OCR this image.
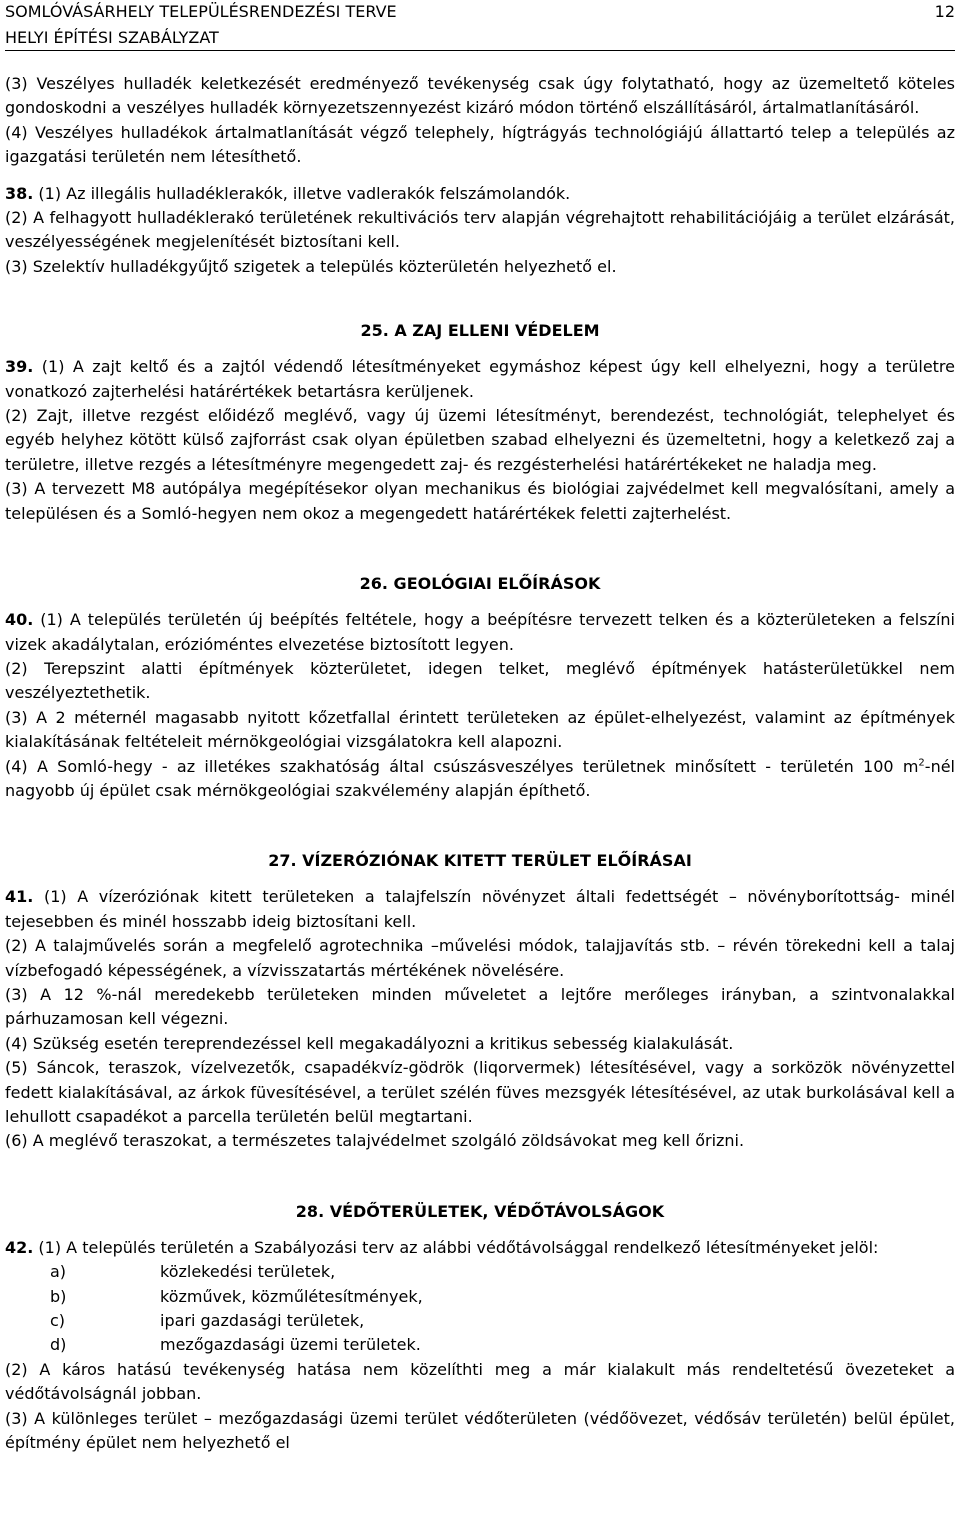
SOMLÓVÁSÁRHELY TELEPÜLÉSRENDEZÉSI TERVE	12
HELYI ÉPÍTÉSI SZABÁLYZAT

(3) Veszélyes hulladék keletkezését eredményező tevékenység csak úgy folytatható, hogy az üzemeltető köteles gondoskodni a veszélyes hulladék környezetszennyezést kizáró módon történő elszállításáról, ártalmatlanításáról.

(4) Veszélyes hulladékok ártalmatlanítását végző telephely, hígtrágyás technológiájú állattartó telep a település az igazgatási területén nem létesíthető.

38. (1) Az illegális hulladéklerakók, illetve vadlerakók felszámolandók.

(2) A felhagyott hulladéklerakó területének rekultivációs terv alapján végrehajtott rehabilitációjáig a terület elzárását, veszélyességének megjelenítését biztosítani kell.

(3) Szelektív hulladékgyűjtő szigetek a település közterületén helyezhető el.

25. A ZAJ ELLENI VÉDELEM

39. (1) A zajt keltő és a zajtól védendő létesítményeket egymáshoz képest úgy kell elhelyezni, hogy a területre vonatkozó zajterhelési határértékek betartásra kerüljenek.

(2) Zajt, illetve rezgést előidéző meglévő, vagy új üzemi létesítményt, berendezést, technológiát, telephelyet és egyéb helyhez kötött külső zajforrást csak olyan épületben szabad elhelyezni és üzemeltetni, hogy a keletkező zaj a területre, illetve rezgés a létesítményre megengedett zaj- és rezgésterhelési határértékeket ne haladja meg.

(3) A tervezett M8 autópálya megépítésekor olyan mechanikus és biológiai zajvédelmet kell megvalósítani, amely a településen és a Somló-hegyen nem okoz a megengedett határértékek feletti zajterhelést.

26. GEOLÓGIAI ELŐÍRÁSOK

40. (1) A település területén új beépítés feltétele, hogy a beépítésre tervezett telken és a közterületeken a felszíni vizek akadálytalan, erózióméntes elvezetése biztosított legyen.

(2) Terepszint alatti építmények közterületet, idegen telket, meglévő építmények hatásterületükkel nem veszélyeztethetik.

(3) A 2 méternél magasabb nyitott kőzetfallal érintett területeken az épület-elhelyezést, valamint az építmények kialakításának feltételeit mérnökgeológiai vizsgálatokra kell alapozni.

(4) A Somló-hegy - az illetékes szakhatóság által csúszásveszélyes területnek minősített - területén 100 $m^2$-nél nagyobb új épület csak mérnökgeológiai szakvélemény alapján építhető.

27. VÍZERÓZIÓNAK KITETT TERÜLET ELŐÍRÁSAI

41. (1) A vízeróziónak kitett területeken a talajfelszín növényzet általi fedettségét – növényborítottság- minél tejesebben és minél hosszabb ideig biztosítani kell.

(2) A talajművelés során a megfelelő agrotechnika –művelési módok, talajjavítás stb. – révén törekedni kell a talaj vízbefogadó képességének, a vízvisszatartás mértékének növelésére.

(3) A 12 %-nál meredekebb területeken minden műveletet a lejtőre merőleges irányban, a szintvonalakkal párhuzamosan kell végezni.

(4) Szükség esetén tereprendezéssel kell megakadályozni a kritikus sebesség kialakulását.

(5) Sáncok, teraszok, vízelvezetők, csapadékvíz-gödrök (liqorvermek) létesítésével, vagy a sorközök növényzettel fedett kialakításával, az árkok füvesítésével, a terület szélén füves mezsgyék létesítésével, az utak burkolásával kell a lehullott csapadékot a parcella területén belül megtartani.

(6) A meglévő teraszokat, a természetes talajvédelmet szolgáló zöldsávokat meg kell őrizni.

28. VÉDŐTERÜLETEK, VÉDŐTÁVOLSÁGOK

42. (1) A település területén a Szabályozási terv az alábbi védőtávolsággal rendelkező létesítményeket jelöl:

a)	közlekedési területek,
b)	közművek, közműlétesítmények,
c)	ipari gazdasági területek,
d)	mezőgazdasági üzemi területek.

(2) A káros hatású tevékenység hatása nem közelíthti meg a már kialakult más rendeltetésű övezeteket a védőtávolságnál jobban.

(3) A különleges terület – mezőgazdasági üzemi terület védőterületen (védőövezet, védősáv területén) belül épület, építmény épület nem helyezhető el
